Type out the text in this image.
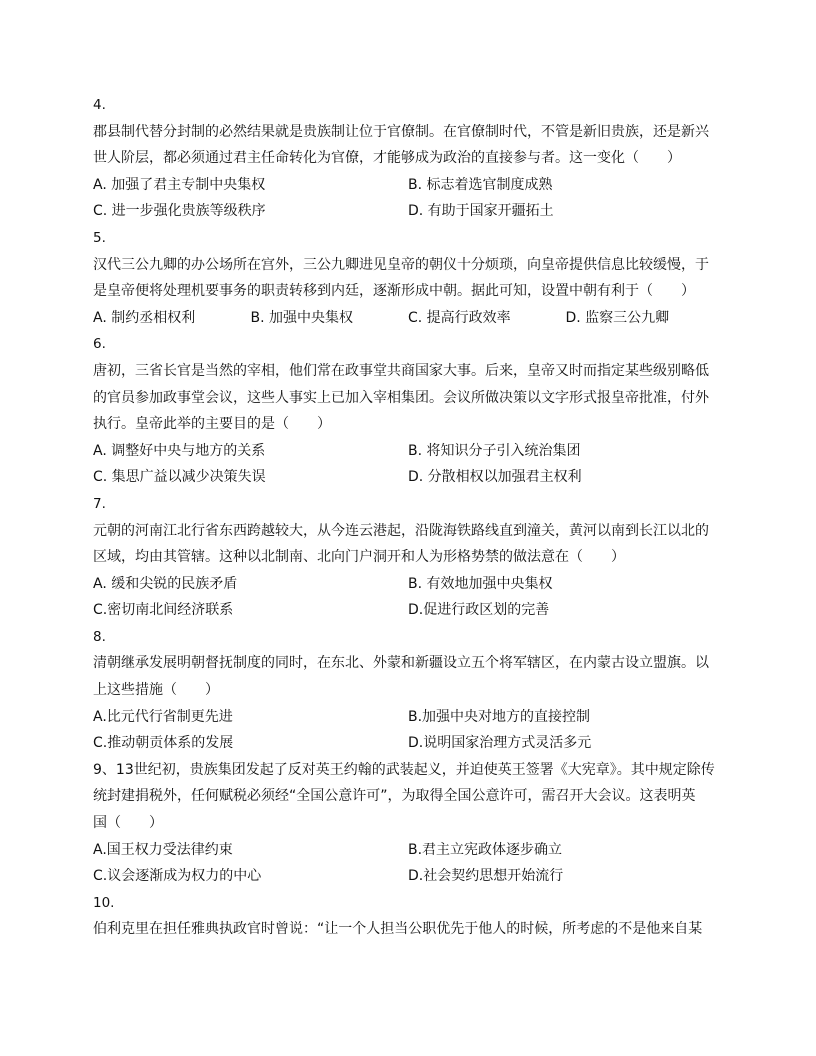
4.
郡县制代替分封制的必然结果就是贵族制让位于官僚制。在官僚制时代，不管是新旧贵族，还是新兴
世人阶层，都必须通过君主任命转化为官僚，才能够成为政治的直接参与者。这一变化（　　）
A. 加强了君主专制中央集权	B. 标志着选官制度成熟
C. 进一步强化贵族等级秩序	D. 有助于国家开疆拓土
5.
汉代三公九卿的办公场所在宫外，三公九卿进见皇帝的朝仪十分烦琐，向皇帝提供信息比较缓慢，于
是皇帝便将处理机要事务的职责转移到内廷，逐渐形成中朝。据此可知，设置中朝有利于（　　）
A. 制约丞相权利	B. 加强中央集权	C. 提高行政效率	D. 监察三公九卿
6.
唐初，三省长官是当然的宰相，他们常在政事堂共商国家大事。后来，皇帝又时而指定某些级别略低
的官员参加政事堂会议，这些人事实上已加入宰相集团。会议所做决策以文字形式报皇帝批准，付外
执行。皇帝此举的主要目的是（　　）
A. 调整好中央与地方的关系	B. 将知识分子引入统治集团
C. 集思广益以减少决策失误	D. 分散相权以加强君主权利
7.
元朝的河南江北行省东西跨越较大，从今连云港起，沿陇海铁路线直到潼关，黄河以南到长江以北的
区域，均由其管辖。这种以北制南、北向门户洞开和人为形格势禁的做法意在（　　）
A. 缓和尖锐的民族矛盾	B. 有效地加强中央集权
C.密切南北间经济联系	D.促进行政区划的完善
8.
清朝继承发展明朝督抚制度的同时，在东北、外蒙和新疆设立五个将军辖区，在内蒙古设立盟旗。以
上这些措施（　　）
A.比元代行省制更先进	B.加强中央对地方的直接控制
C.推动朝贡体系的发展	D.说明国家治理方式灵活多元
9、13世纪初，贵族集团发起了反对英王约翰的武装起义，并迫使英王签署《大宪章》。其中规定除传
统封建捐税外，任何赋税必须经“全国公意许可”，为取得全国公意许可，需召开大会议。这表明英
国（　　）
A.国王权力受法律约束	B.君主立宪政体逐步确立
C.议会逐渐成为权力的中心	D.社会契约思想开始流行
10.
伯利克里在担任雅典执政官时曾说：“让一个人担当公职优先于他人的时候，所考虑的不是他来自某
